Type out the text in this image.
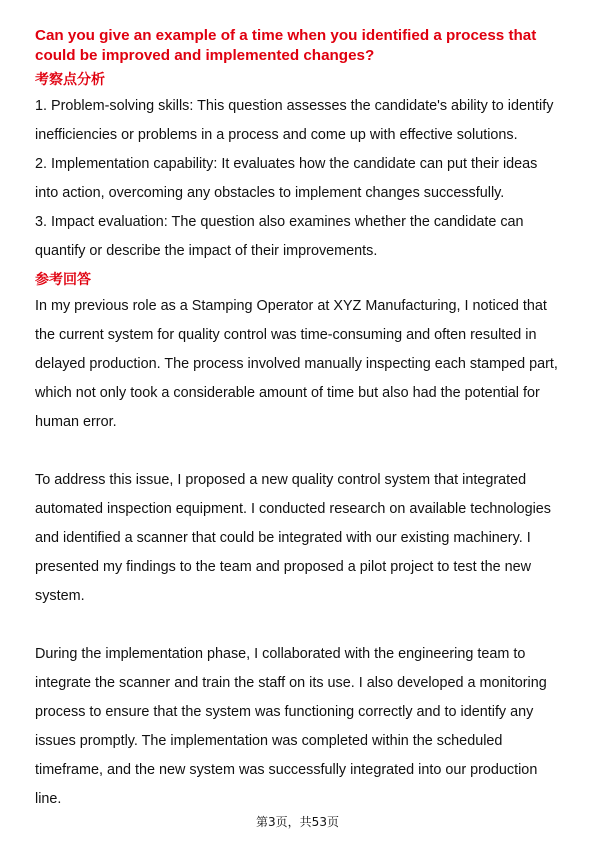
Can you give an example of a time when you identified a process that could be improved and implemented changes?

考察点分析

1. Problem-solving skills: This question assesses the candidate's ability to identify inefficiencies or problems in a process and come up with effective solutions.

2. Implementation capability: It evaluates how the candidate can put their ideas into action, overcoming any obstacles to implement changes successfully.

3. Impact evaluation: The question also examines whether the candidate can quantify or describe the impact of their improvements.

参考回答

In my previous role as a Stamping Operator at XYZ Manufacturing, I noticed that the current system for quality control was time-consuming and often resulted in delayed production. The process involved manually inspecting each stamped part, which not only took a considerable amount of time but also had the potential for human error.

To address this issue, I proposed a new quality control system that integrated automated inspection equipment. I conducted research on available technologies and identified a scanner that could be integrated with our existing machinery. I presented my findings to the team and proposed a pilot project to test the new system.

During the implementation phase, I collaborated with the engineering team to integrate the scanner and train the staff on its use. I also developed a monitoring process to ensure that the system was functioning correctly and to identify any issues promptly. The implementation was completed within the scheduled timeframe, and the new system was successfully integrated into our production line.

第3页，共53页
